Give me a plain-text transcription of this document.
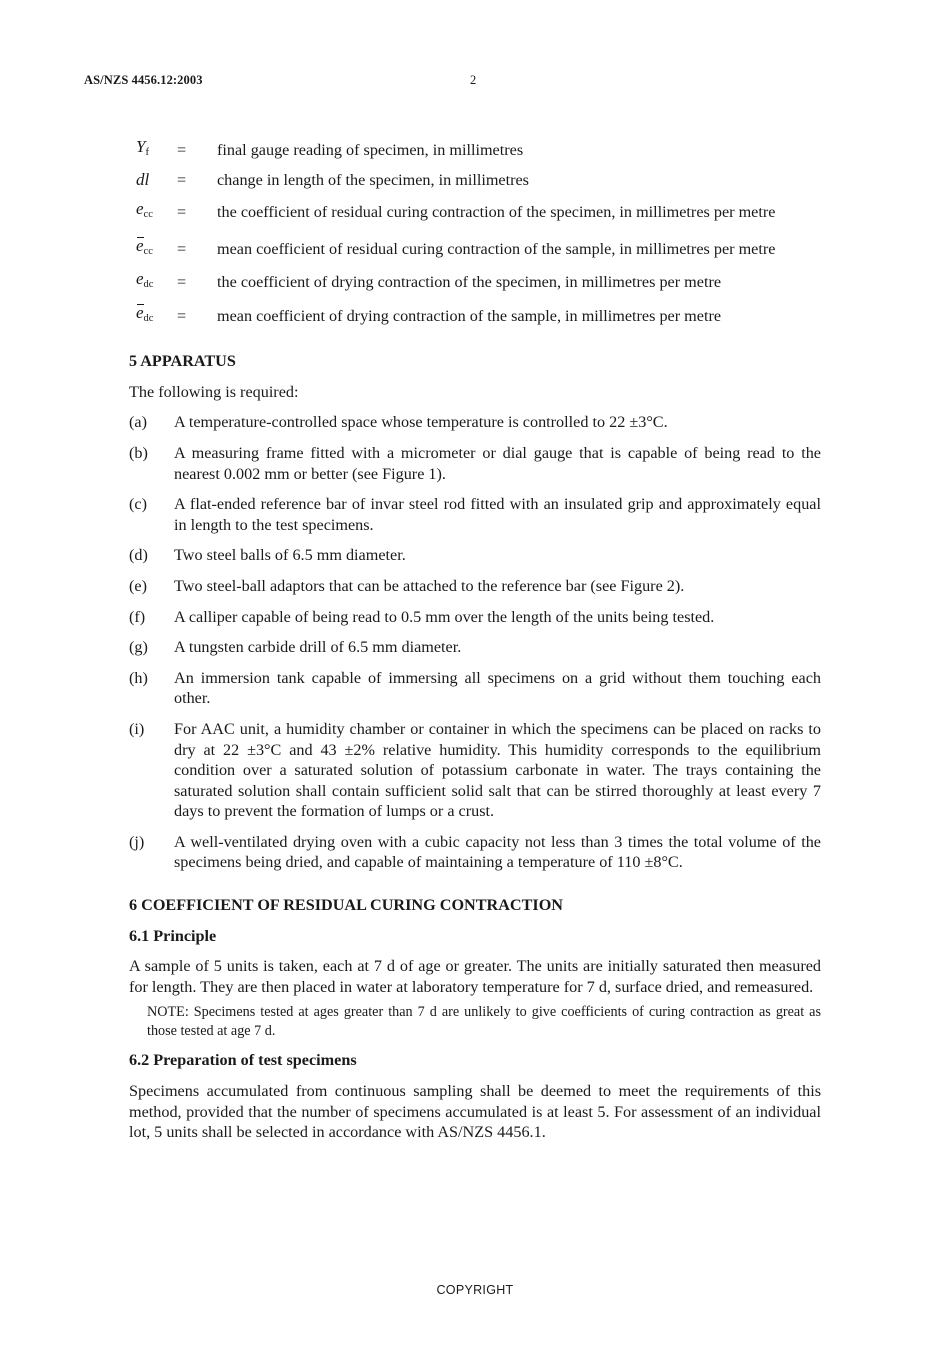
AS/NZS 4456.12:2003	2
$Y_f$	=	final gauge reading of specimen, in millimetres
dl	=	change in length of the specimen, in millimetres
$e_{cc}$	=	the coefficient of residual curing contraction of the specimen, in millimetres per metre
$e_{cc}$	=	mean coefficient of residual curing contraction of the sample, in millimetres per metre
$e_{dc}$	=	the coefficient of drying contraction of the specimen, in millimetres per metre
$e_{dc}$	=	mean coefficient of drying contraction of the sample, in millimetres per metre
5 APPARATUS

The following is required:

(a)	A temperature-controlled space whose temperature is controlled to 22 ±3°C.
(b)	A measuring frame fitted with a micrometer or dial gauge that is capable of being read to the nearest 0.002 mm or better (see Figure 1).
(c)	A flat-ended reference bar of invar steel rod fitted with an insulated grip and approximately equal in length to the test specimens.
(d)	Two steel balls of 6.5 mm diameter.
(e)	Two steel-ball adaptors that can be attached to the reference bar (see Figure 2).
(f)	A calliper capable of being read to 0.5 mm over the length of the units being tested.
(g)	A tungsten carbide drill of 6.5 mm diameter.
(h)	An immersion tank capable of immersing all specimens on a grid without them touching each other.
(i)	For AAC unit, a humidity chamber or container in which the specimens can be placed on racks to dry at 22 ±3°C and 43 ±2% relative humidity. This humidity corresponds to the equilibrium condition over a saturated solution of potassium carbonate in water. The trays containing the saturated solution shall contain sufficient solid salt that can be stirred thoroughly at least every 7 days to prevent the formation of lumps or a crust.
(j)	A well-ventilated drying oven with a cubic capacity not less than 3 times the total volume of the specimens being dried, and capable of maintaining a temperature of 110 ±8°C.
6 COEFFICIENT OF RESIDUAL CURING CONTRACTION
6.1 Principle

A sample of 5 units is taken, each at 7 d of age or greater. The units are initially saturated then measured for length. They are then placed in water at laboratory temperature for 7 d, surface dried, and remeasured.

NOTE: Specimens tested at ages greater than 7 d are unlikely to give coefficients of curing contraction as great as those tested at age 7 d.

6.2 Preparation of test specimens

Specimens accumulated from continuous sampling shall be deemed to meet the requirements of this method, provided that the number of specimens accumulated is at least 5. For assessment of an individual lot, 5 units shall be selected in accordance with AS/NZS 4456.1.

COPYRIGHT
